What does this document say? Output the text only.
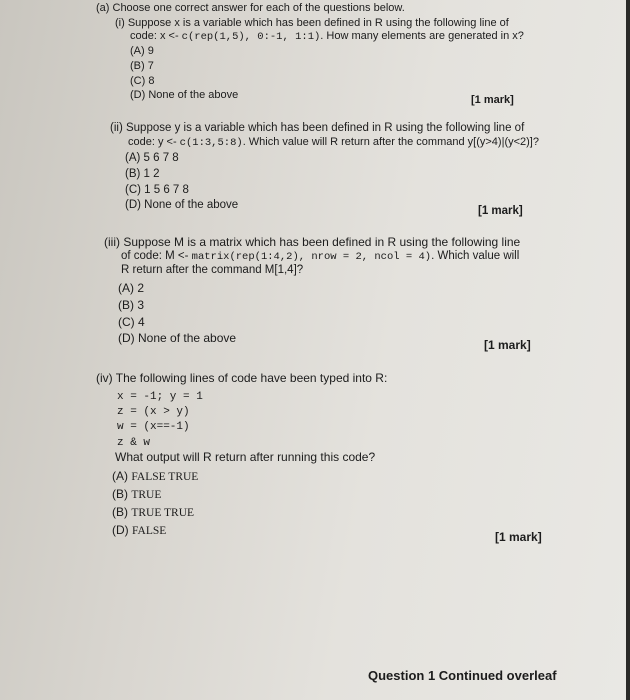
(a) Choose one correct answer for each of the questions below.
(i) Suppose x is a variable which has been defined in R using the following line of
code: x <- c(rep(1,5), 0:-1, 1:1). How many elements are generated in x?
(A) 9
(B) 7
(C) 8
(D) None of the above	[1 mark]
(ii) Suppose y is a variable which has been defined in R using the following line of
code: y <- c(1:3,5:8). Which value will R return after the command y[(y>4)|(y<2)]?
(A) 5 6 7 8
(B) 1 2
(C) 1 5 6 7 8
(D) None of the above	[1 mark]
(iii) Suppose M is a matrix which has been defined in R using the following line
of code: M <- matrix(rep(1:4,2), nrow = 2, ncol = 4). Which value will
R return after the command M[1,4]?
(A) 2
(B) 3
(C) 4
(D) None of the above	[1 mark]
(iv) The following lines of code have been typed into R:
x = -1; y = 1
z = (x > y)
w = (x==-1)
z & w
What output will R return after running this code?
(A) FALSE TRUE
(B) TRUE
(B) TRUE TRUE
(D) FALSE	[1 mark]
Question 1 Continued overleaf
